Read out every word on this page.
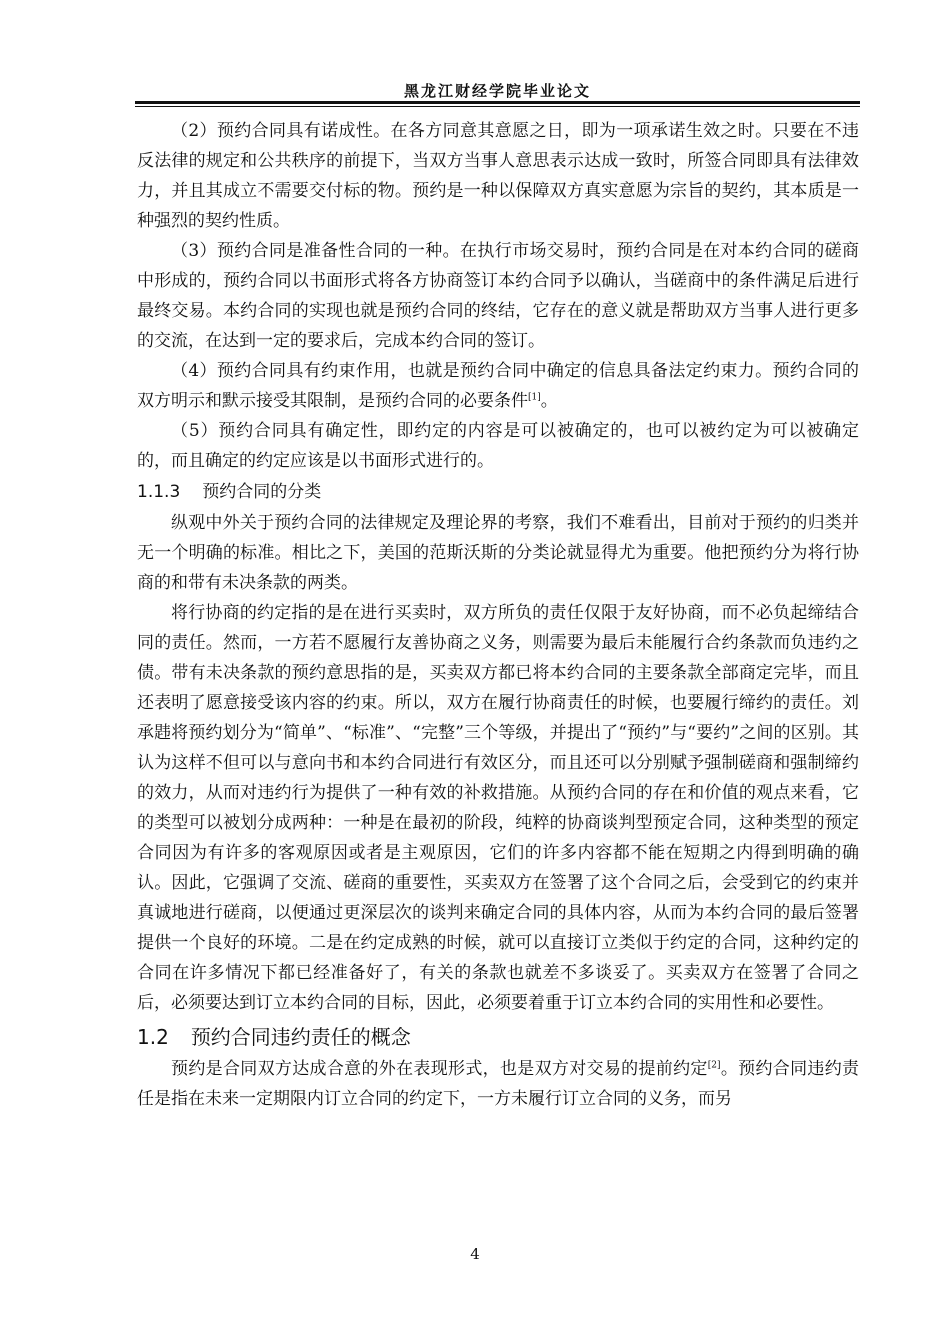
黑龙江财经学院毕业论文

（2）预约合同具有诺成性。在各方同意其意愿之日，即为一项承诺生效之时。只要在不违反法律的规定和公共秩序的前提下，当双方当事人意思表示达成一致时，所签合同即具有法律效力，并且其成立不需要交付标的物。预约是一种以保障双方真实意愿为宗旨的契约，其本质是一种强烈的契约性质。

（3）预约合同是准备性合同的一种。在执行市场交易时，预约合同是在对本约合同的磋商中形成的，预约合同以书面形式将各方协商签订本约合同予以确认，当磋商中的条件满足后进行最终交易。本约合同的实现也就是预约合同的终结，它存在的意义就是帮助双方当事人进行更多的交流，在达到一定的要求后，完成本约合同的签订。

（4）预约合同具有约束作用，也就是预约合同中确定的信息具备法定约束力。预约合同的双方明示和默示接受其限制，是预约合同的必要条件[1]。

（5）预约合同具有确定性，即约定的内容是可以被确定的，也可以被约定为可以被确定的，而且确定的约定应该是以书面形式进行的。

1.1.3 预约合同的分类

纵观中外关于预约合同的法律规定及理论界的考察，我们不难看出，目前对于预约的归类并无一个明确的标准。相比之下，美国的范斯沃斯的分类论就显得尤为重要。他把预约分为将行协商的和带有未决条款的两类。

将行协商的约定指的是在进行买卖时，双方所负的责任仅限于友好协商，而不必负起缔结合同的责任。然而，一方若不愿履行友善协商之义务，则需要为最后未能履行合约条款而负违约之债。带有未决条款的预约意思指的是，买卖双方都已将本约合同的主要条款全部商定完毕，而且还表明了愿意接受该内容的约束。所以，双方在履行协商责任的时候，也要履行缔约的责任。刘承韪将预约划分为“简单”、“标准”、“完整”三个等级，并提出了“预约”与“要约”之间的区别。其认为这样不但可以与意向书和本约合同进行有效区分，而且还可以分别赋予强制磋商和强制缔约的效力，从而对违约行为提供了一种有效的补救措施。从预约合同的存在和价值的观点来看，它的类型可以被划分成两种：一种是在最初的阶段，纯粹的协商谈判型预定合同，这种类型的预定合同因为有许多的客观原因或者是主观原因，它们的许多内容都不能在短期之内得到明确的确认。因此，它强调了交流、磋商的重要性，买卖双方在签署了这个合同之后，会受到它的约束并真诚地进行磋商，以便通过更深层次的谈判来确定合同的具体内容，从而为本约合同的最后签署提供一个良好的环境。二是在约定成熟的时候，就可以直接订立类似于约定的合同，这种约定的合同在许多情况下都已经准备好了，有关的条款也就差不多谈妥了。买卖双方在签署了合同之后，必须要达到订立本约合同的目标，因此，必须要着重于订立本约合同的实用性和必要性。

1.2 预约合同违约责任的概念

预约是合同双方达成合意的外在表现形式，也是双方对交易的提前约定[2]。预约合同违约责任是指在未来一定期限内订立合同的约定下，一方未履行订立合同的义务，而另

4
